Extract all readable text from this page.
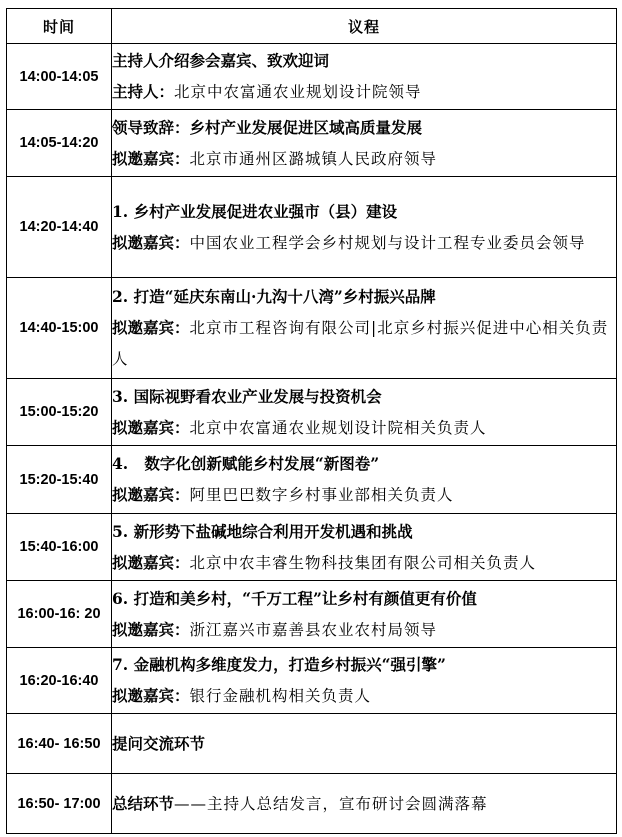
时间	议程
14:00-14:05	主持人介绍参会嘉宾、致欢迎词
主持人：北京中农富通农业规划设计院领导

14:05-14:20	领导致辞：乡村产业发展促进区域高质量发展
拟邀嘉宾：北京市通州区潞城镇人民政府领导

14:20-14:40	1. 乡村产业发展促进农业强市（县）建设
拟邀嘉宾：中国农业工程学会乡村规划与设计工程专业委员会领导

14:40-15:00	2. 打造“延庆东南山·九沟十八湾”乡村振兴品牌
拟邀嘉宾：北京市工程咨询有限公司|北京乡村振兴促进中心相关负责人

15:00-15:20	3. 国际视野看农业产业发展与投资机会
拟邀嘉宾：北京中农富通农业规划设计院相关负责人

15:20-15:40	4.   数字化创新赋能乡村发展“新图卷”
拟邀嘉宾：阿里巴巴数字乡村事业部相关负责人

15:40-16:00	5. 新形势下盐碱地综合利用开发机遇和挑战
拟邀嘉宾：北京中农丰睿生物科技集团有限公司相关负责人

16:00-16: 20	6. 打造和美乡村，“千万工程”让乡村有颜值更有价值
拟邀嘉宾：浙江嘉兴市嘉善县农业农村局领导

16:20-16:40	7. 金融机构多维度发力，打造乡村振兴“强引擎”
拟邀嘉宾：银行金融机构相关负责人

16:40- 16:50	提问交流环节

16:50- 17:00	总结环节——主持人总结发言，宣布研讨会圆满落幕
